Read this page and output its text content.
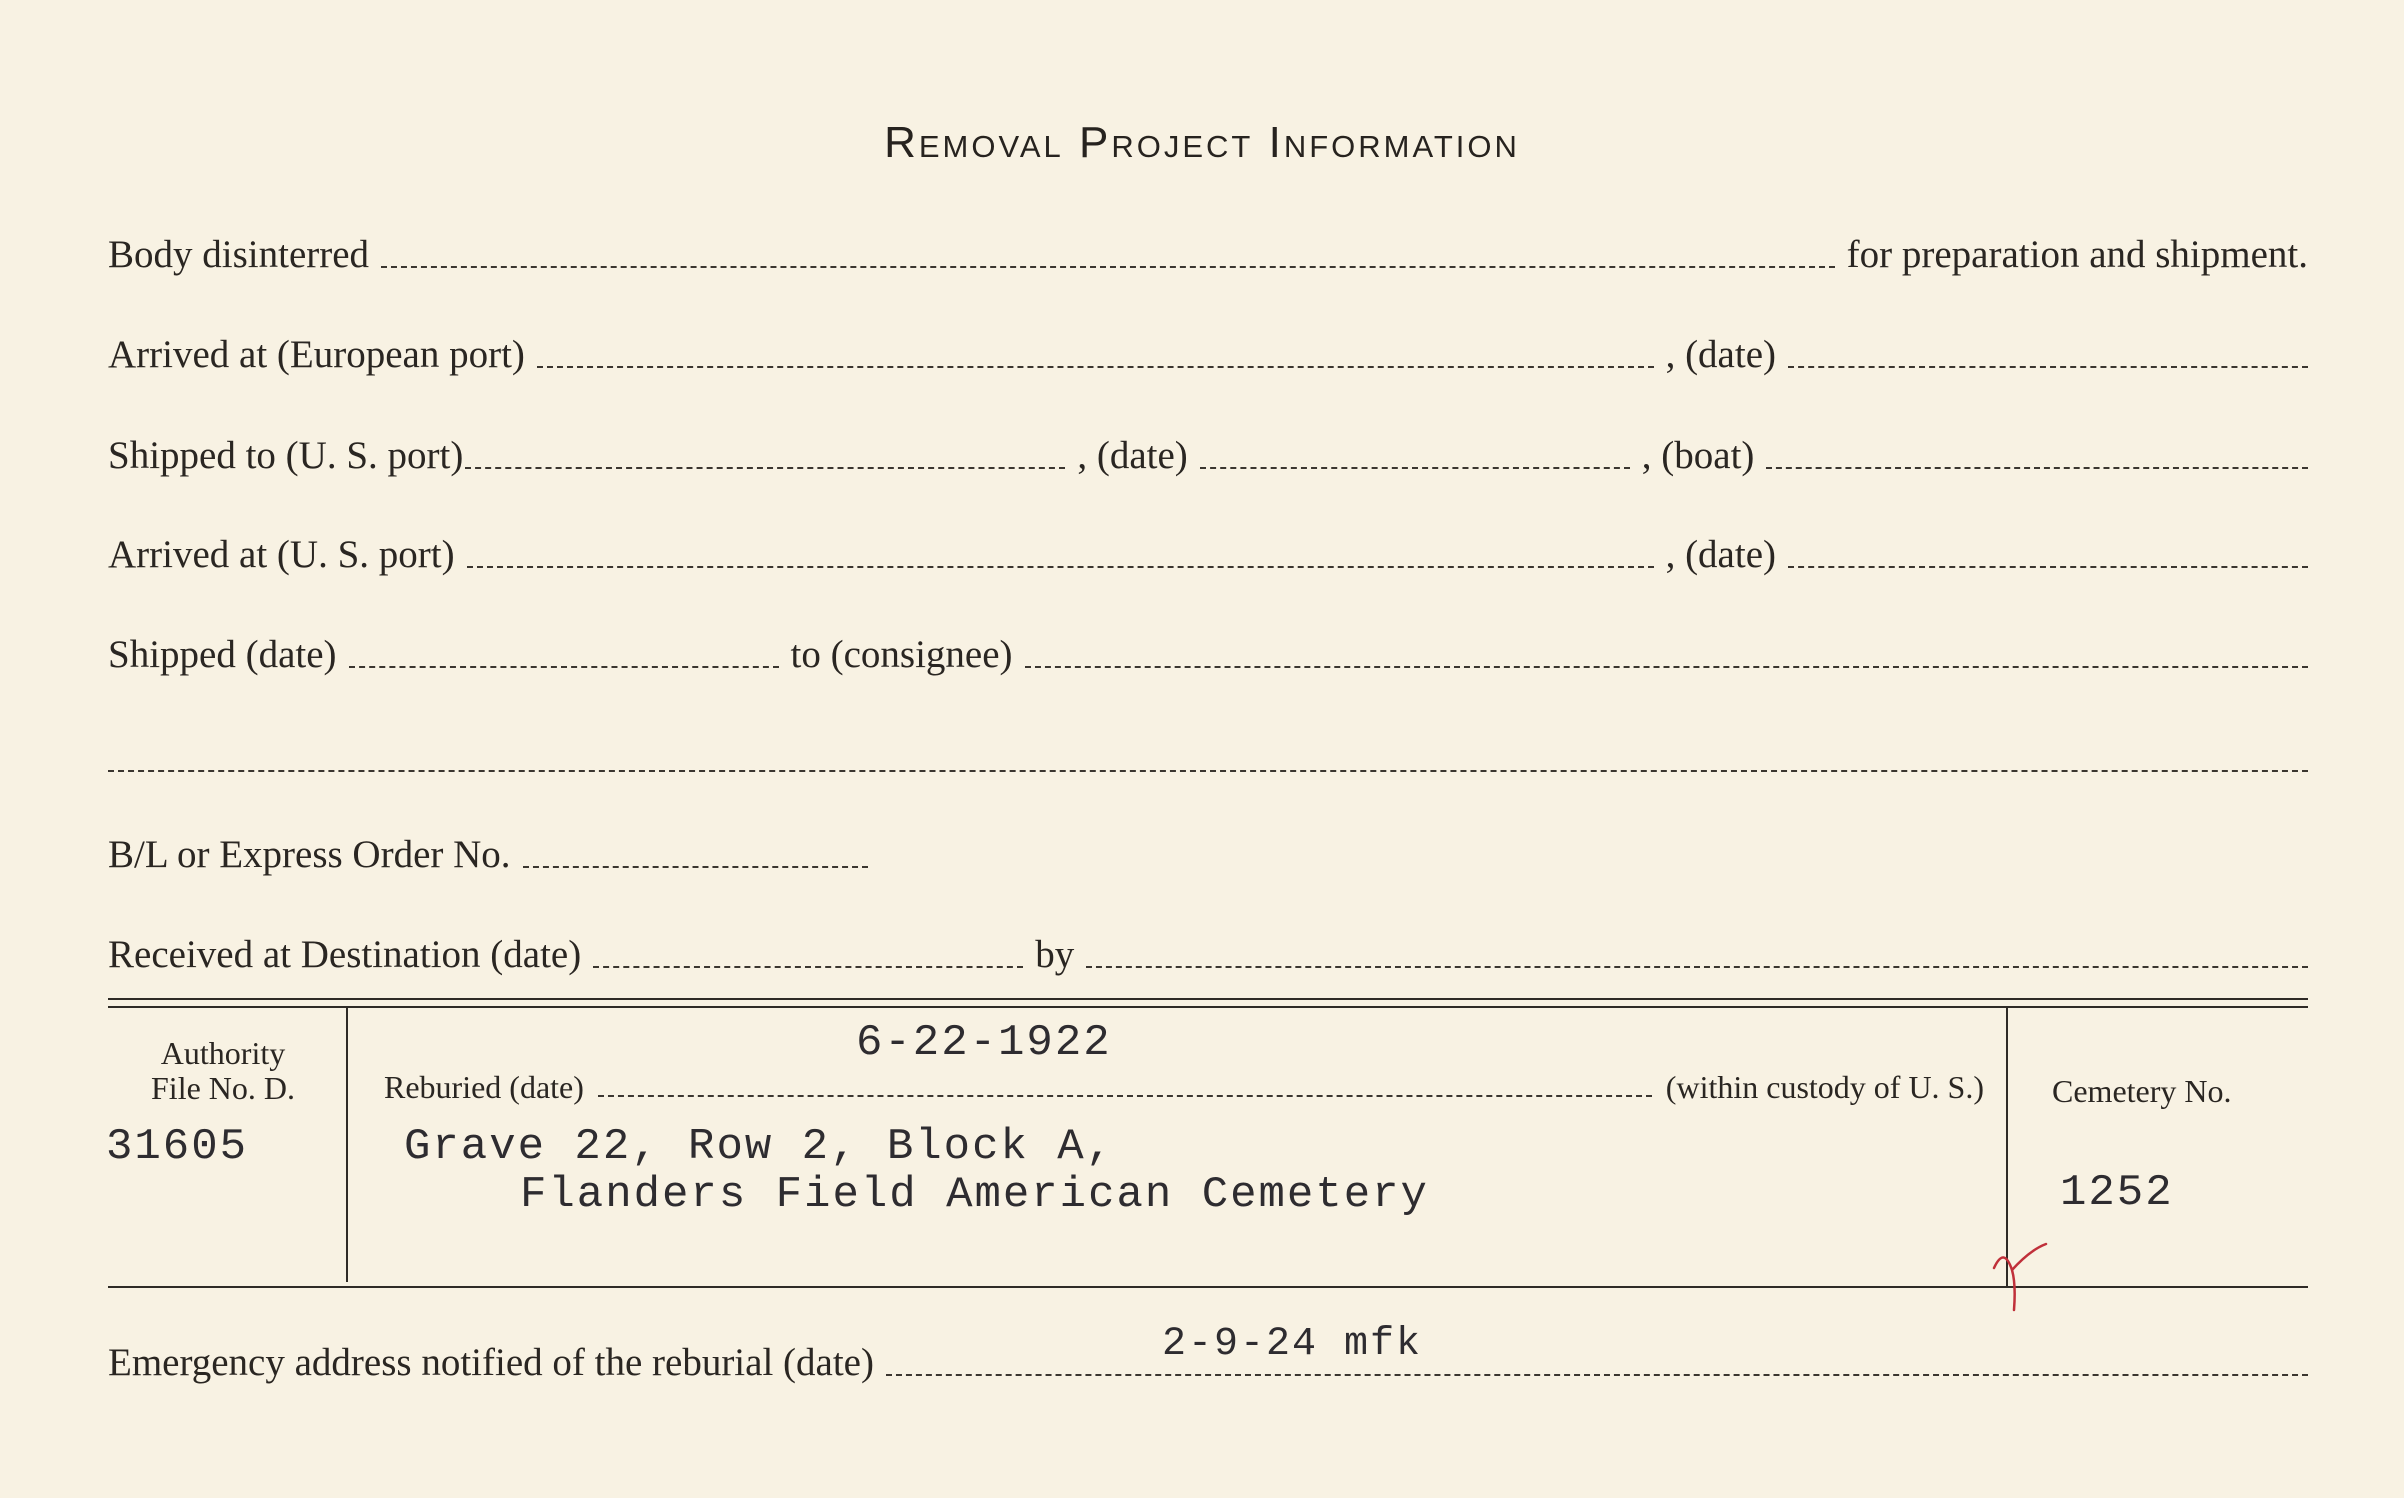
Removal Project Information
Body disinterred	for preparation and shipment.
Arrived at (European port)	, (date)
Shipped to (U. S. port)	, (date)	, (boat)
Arrived at (U. S. port)	, (date)
Shipped (date)	to (consignee)
B/L or Express Order No.
Received at Destination (date)	by
Authority
File No. D.
31605
6-22-1922
Reburied (date)	(within custody of U. S.)
Grave 22, Row 2, Block A,
Flanders Field American Cemetery
Cemetery No.
1252
Emergency address notified of the reburial (date)	2-9-24 mfk
